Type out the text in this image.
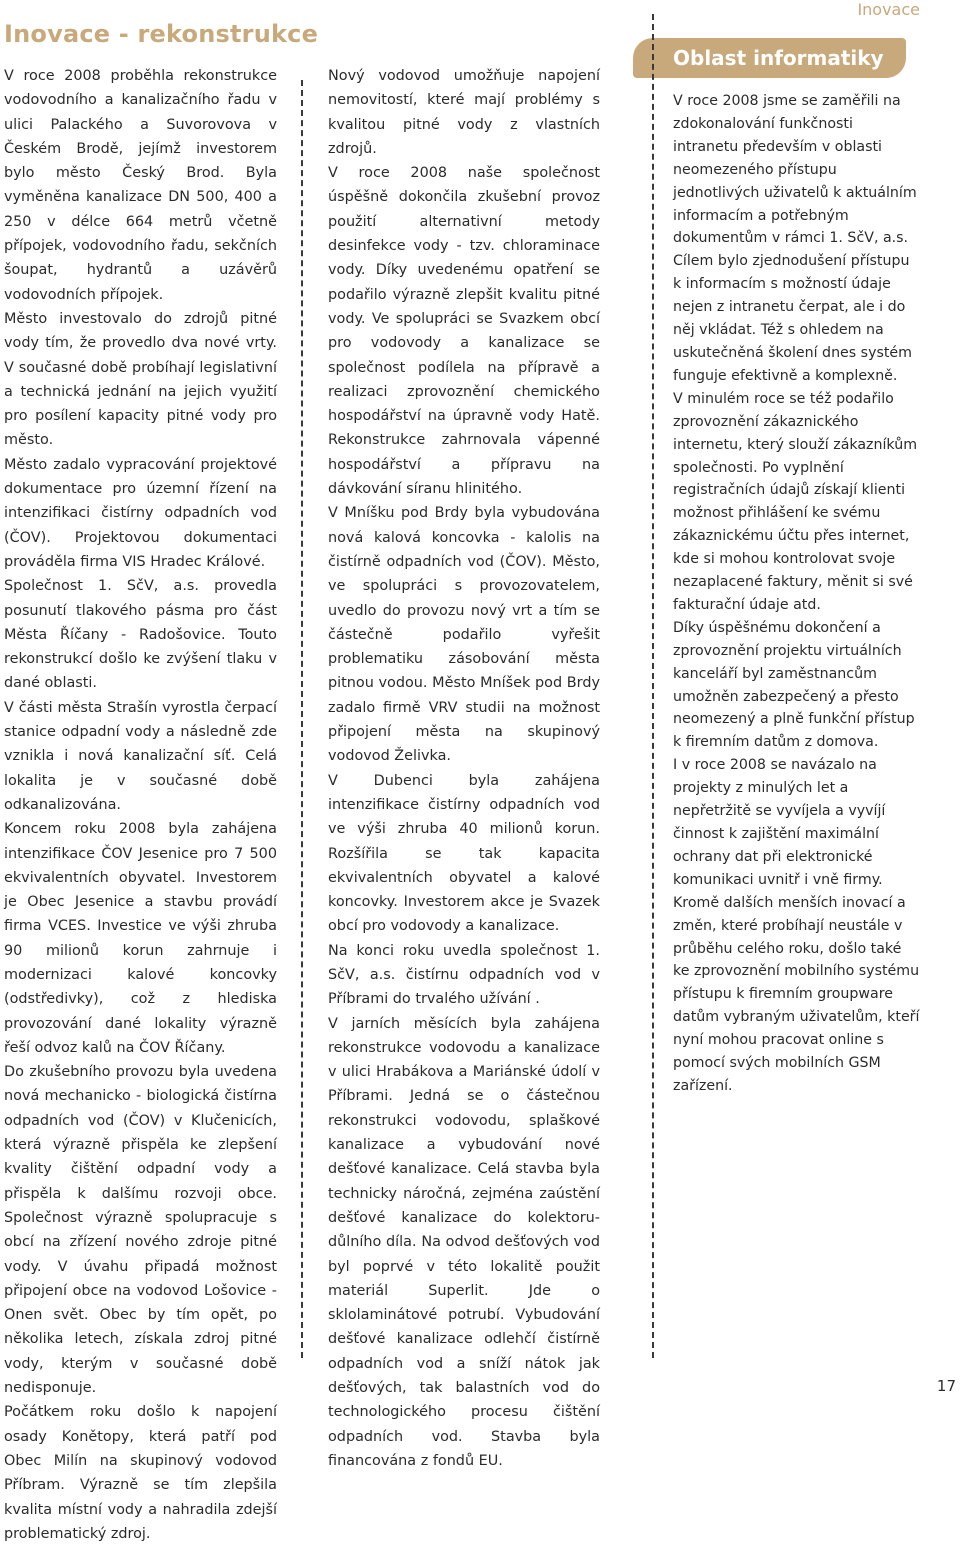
Inovace
Inovace - rekonstrukce
Oblast informatiky

V roce 2008 proběhla rekonstrukce vodovodního a kanalizačního řadu v ulici Palackého a Suvorovova v Českém Brodě, jejímž investorem bylo město Český Brod. Byla vyměněna kanalizace DN 500, 400 a 250 v délce 664 metrů včetně přípojek, vodovodního řadu, sekčních šoupat, hydrantů a uzávěrů vodovodních přípojek.

Město investovalo do zdrojů pitné vody tím, že provedlo dva nové vrty. V současné době probíhají legislativní a technická jednání na jejich využití pro posílení kapacity pitné vody pro město.

Město zadalo vypracování projektové dokumentace pro územní řízení na intenzifikaci čistírny odpadních vod (ČOV). Projektovou dokumentaci prováděla firma VIS Hradec Králové.

Společnost 1. SčV, a.s. provedla posunutí tlakového pásma pro část Města Říčany - Radošovice. Touto rekonstrukcí došlo ke zvýšení tlaku v dané oblasti.

V části města Strašín vyrostla čerpací stanice odpadní vody a následně zde vznikla i nová kanalizační síť. Celá lokalita je v současné době odkanalizována.

Koncem roku 2008 byla zahájena intenzifikace ČOV Jesenice pro 7 500 ekvivalentních obyvatel. Investorem je Obec Jesenice a stavbu provádí firma VCES. Investice ve výši zhruba 90 milionů korun zahrnuje i modernizaci kalové koncovky (odstředivky), což z hlediska provozování dané lokality výrazně řeší odvoz kalů na ČOV Říčany.

Do zkušebního provozu byla uvedena nová mechanicko - biologická čistírna odpadních vod (ČOV) v Klučenicích, která výrazně přispěla ke zlepšení kvality čištění odpadní vody a přispěla k dalšímu rozvoji obce. Společnost výrazně spolupracuje s obcí na zřízení nového zdroje pitné vody. V úvahu připadá možnost připojení obce na vodovod Lošovice - Onen svět. Obec by tím opět, po několika letech, získala zdroj pitné vody, kterým v současné době nedisponuje.

Počátkem roku došlo k napojení osady Konětopy, která patří pod Obec Milín na skupinový vodovod Příbram. Výrazně se tím zlepšila kvalita místní vody a nahradila zdejší problematický zdroj.

Nový vodovod umožňuje napojení nemovitostí, které mají problémy s kvalitou pitné vody z vlastních zdrojů.

V roce 2008 naše společnost úspěšně dokončila zkušební provoz použití alternativní metody desinfekce vody - tzv. chloraminace vody. Díky uvedenému opatření se podařilo výrazně zlepšit kvalitu pitné vody. Ve spolupráci se Svazkem obcí pro vodovody a kanalizace se společnost podílela na přípravě a realizaci zprovoznění chemického hospodářství na úpravně vody Hatě. Rekonstrukce zahrnovala vápenné hospodářství a přípravu na dávkování síranu hlinitého.

V Mníšku pod Brdy byla vybudována nová kalová koncovka - kalolis na čistírně odpadních vod (ČOV). Město, ve spolupráci s provozovatelem, uvedlo do provozu nový vrt a tím se částečně podařilo vyřešit problematiku zásobování města pitnou vodou. Město Mníšek pod Brdy zadalo firmě VRV studii na možnost připojení města na skupinový vodovod Želivka.

V Dubenci byla zahájena intenzifikace čistírny odpadních vod ve výši zhruba 40 milionů korun. Rozšířila se tak kapacita ekvivalentních obyvatel a kalové koncovky. Investorem akce je Svazek obcí pro vodovody a kanalizace.

Na konci roku uvedla společnost 1. SčV, a.s. čistírnu odpadních vod v Příbrami do trvalého užívání .

V jarních měsících byla zahájena rekonstrukce vodovodu a kanalizace v ulici Hrabákova a Mariánské údolí v Příbrami. Jedná se o částečnou rekonstrukci vodovodu, splaškové kanalizace a vybudování nové dešťové kanalizace. Celá stavba byla technicky náročná, zejména zaústění dešťové kanalizace do kolektoru-důlního díla. Na odvod dešťových vod byl poprvé v této lokalitě použit materiál Superlit. Jde o sklolaminátové potrubí. Vybudování dešťové kanalizace odlehčí čistírně odpadních vod a sníží nátok jak dešťových, tak balastních vod do technologického procesu čištění odpadních vod. Stavba byla financována z fondů EU.

V roce 2008 jsme se zaměřili na zdokonalování funkčnosti intranetu především v oblasti neomezeného přístupu jednotlivých uživatelů k aktuálním informacím a potřebným dokumentům v rámci 1. SčV, a.s.

Cílem bylo zjednodušení přístupu k informacím s možností údaje nejen z intranetu čerpat, ale i do něj vkládat. Též s ohledem na uskutečněná školení dnes systém funguje efektivně a komplexně.

V minulém roce se též podařilo zprovoznění zákaznického internetu, který slouží zákazníkům společnosti. Po vyplnění registračních údajů získají klienti možnost přihlášení ke svému zákaznickému účtu přes internet, kde si mohou kontrolovat svoje nezaplacené faktury, měnit si své fakturační údaje atd.

Díky úspěšnému dokončení a zprovoznění projektu virtuálních kanceláří byl zaměstnancům umožněn zabezpečený a přesto neomezený a plně funkční přístup k firemním datům z domova.

I v roce 2008 se navázalo na projekty z minulých let a nepřetržitě se vyvíjela a vyvíjí činnost k zajištění maximální ochrany dat při elektronické komunikaci uvnitř i vně firmy.

Kromě dalších menších inovací a změn, které probíhají neustále v průběhu celého roku, došlo také ke zprovoznění mobilního systému přístupu k firemním groupware datům vybraným uživatelům, kteří nyní mohou pracovat online s pomocí svých mobilních GSM zařízení.

17
